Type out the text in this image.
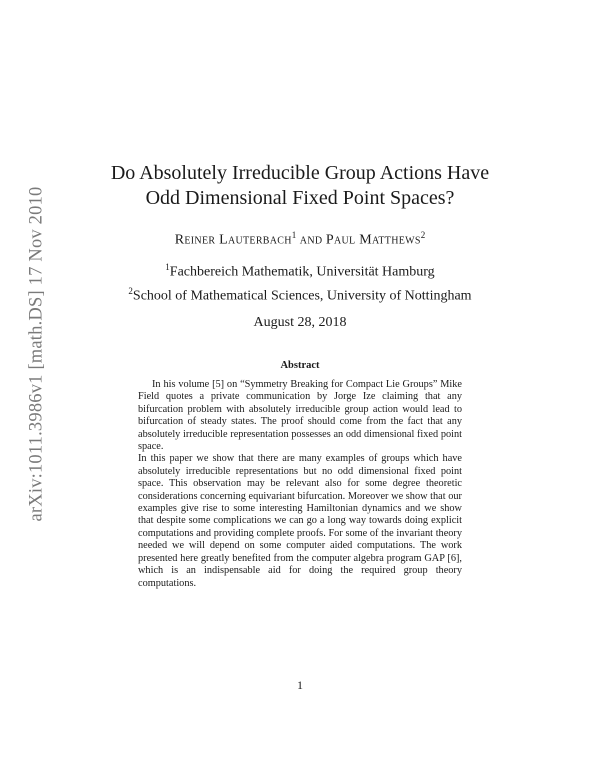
arXiv:1011.3986v1 [math.DS] 17 Nov 2010
Do Absolutely Irreducible Group Actions Have
Odd Dimensional Fixed Point Spaces?
Reiner Lauterbach$^1$ and Paul Matthews$^2$
$^1$Fachbereich Mathematik, Universität Hamburg
$^2$School of Mathematical Sciences, University of Nottingham
August 28, 2018
Abstract

In his volume [5] on “Symmetry Breaking for Compact Lie Groups” Mike Field quotes a private communication by Jorge Ize claiming that any bifurcation problem with absolutely irreducible group action would lead to bifurcation of steady states. The proof should come from the fact that any absolutely irreducible representation possesses an odd dimensional fixed point space.

In this paper we show that there are many examples of groups which have absolutely irreducible representations but no odd dimensional fixed point space. This observation may be relevant also for some degree theoretic considerations concerning equivariant bifurcation. Moreover we show that our examples give rise to some interesting Hamiltonian dynamics and we show that despite some complications we can go a long way towards doing explicit computations and providing complete proofs. For some of the invariant theory needed we will depend on some computer aided computations. The work presented here greatly benefited from the computer algebra program GAP [6], which is an indispensable aid for doing the required group theory computations.

1
